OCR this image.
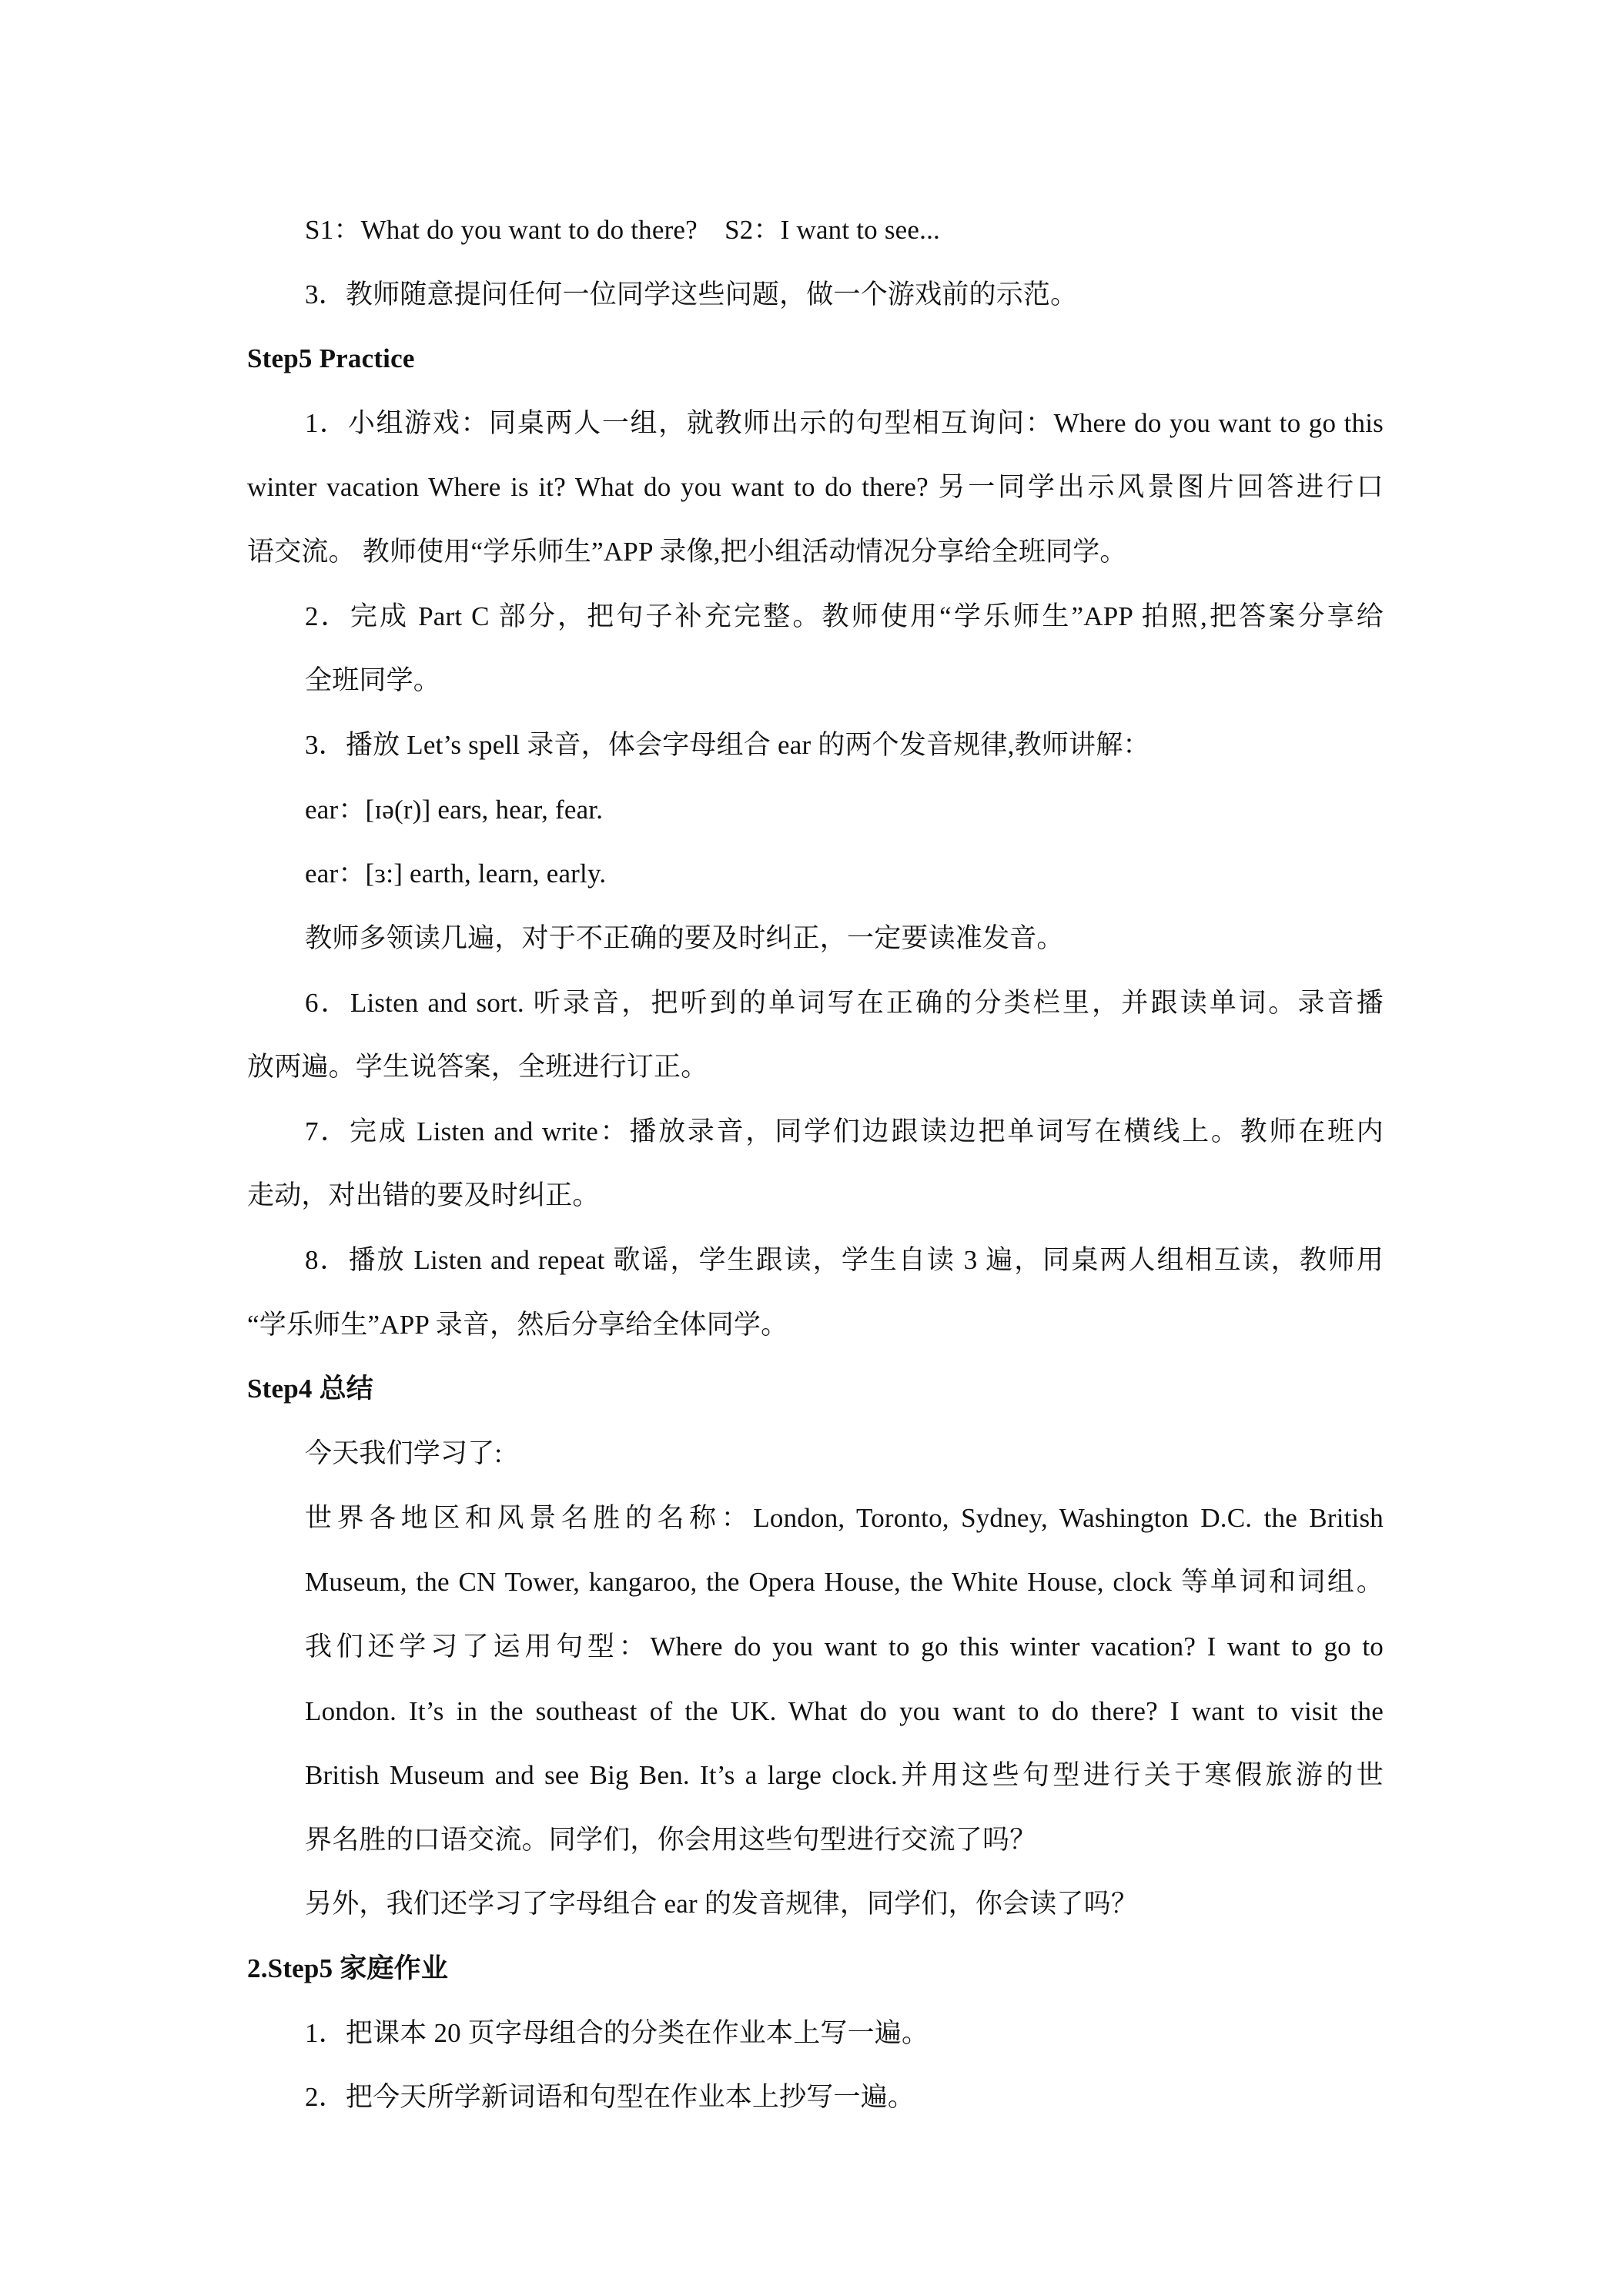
S1：What do you want to do there?　S2：I want to see...
3．教师随意提问任何一位同学这些问题，做一个游戏前的示范。
Step5 Practice
1．小组游戏：同桌两人一组，就教师出示的句型相互询问：Where do you want to go this
winter vacation Where is it? What do you want to do there? 另一同学出示风景图片回答进行口
语交流。 教师使用“学乐师生”APP 录像,把小组活动情况分享给全班同学。
2．完成 Part C 部分，把句子补充完整。教师使用“学乐师生”APP 拍照,把答案分享给
全班同学。
3．播放 Let’s spell 录音，体会字母组合 ear 的两个发音规律,教师讲解：
ear：[ɪə(r)] ears, hear, fear.
ear：[ɜ:] earth, learn, early.
教师多领读几遍，对于不正确的要及时纠正，一定要读准发音。
6．Listen and sort. 听录音，把听到的单词写在正确的分类栏里，并跟读单词。录音播
放两遍。学生说答案，全班进行订正。
7．完成 Listen and write：播放录音，同学们边跟读边把单词写在横线上。教师在班内
走动，对出错的要及时纠正。
8．播放 Listen and repeat 歌谣，学生跟读，学生自读 3 遍，同桌两人组相互读，教师用
“学乐师生”APP 录音，然后分享给全体同学。
Step4 总结
今天我们学习了:
世界各地区和风景名胜的名称：London, Toronto, Sydney, Washington D.C. the British
Museum, the CN Tower, kangaroo, the Opera House, the White House, clock 等单词和词组。
我们还学习了运用句型：Where do you want to go this winter vacation? I want to go to
London. It’s in the southeast of the UK. What do you want to do there? I want to visit the
British Museum and see Big Ben. It’s a large clock.并用这些句型进行关于寒假旅游的世
界名胜的口语交流。同学们，你会用这些句型进行交流了吗？
另外，我们还学习了字母组合 ear 的发音规律，同学们，你会读了吗？
2.Step5 家庭作业
1．把课本 20 页字母组合的分类在作业本上写一遍。
2．把今天所学新词语和句型在作业本上抄写一遍。
